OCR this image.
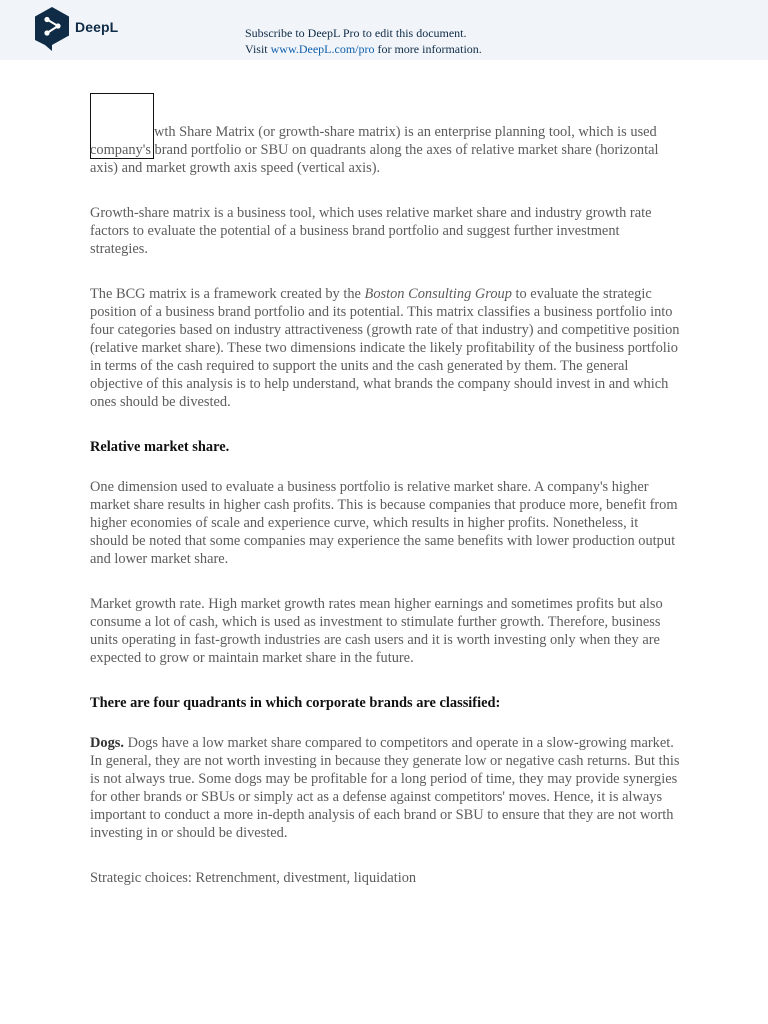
DeepL	Subscribe to DeepL Pro to edit this document.
Visit www.DeepL.com/pro for more information.

wth Share Matrix (or growth-share matrix) is an enterprise planning tool, which is used            company's brand portfolio or SBU on quadrants along the axes of relative market share (horizontal axis) and market growth axis speed (vertical axis).

Growth-share matrix is a business tool, which uses relative market share and industry growth rate factors to evaluate the potential of a business brand portfolio and suggest further investment strategies.

The BCG matrix is a framework created by the Boston Consulting Group to evaluate the strategic position of a business brand portfolio and its potential. This matrix classifies a business portfolio into four categories based on industry attractiveness (growth rate of that industry) and competitive position (relative market share). These two dimensions indicate the likely profitability of the business portfolio in terms of the cash required to support the units and the cash generated by them. The general objective of this analysis is to help understand, what brands the company should invest in and which ones should be divested.

Relative market share.

One dimension used to evaluate a business portfolio is relative market share. A company's higher market share results in higher cash profits. This is because companies that produce more, benefit from higher economies of scale and experience curve, which results in higher profits. Nonetheless, it should be noted that some companies may experience the same benefits with lower production output and lower market share.

Market growth rate. High market growth rates mean higher earnings and sometimes profits but also consume a lot of cash, which is used as investment to stimulate further growth. Therefore, business units operating in fast-growth industries are cash users and it is worth investing only when they are expected to grow or maintain market share in the future.

There are four quadrants in which corporate brands are classified:

Dogs. Dogs have a low market share compared to competitors and operate in a slow-growing market. In general, they are not worth investing in because they generate low or negative cash returns. But this is not always true. Some dogs may be profitable for a long period of time, they may provide synergies for other brands or SBUs or simply act as a defense against competitors' moves. Hence, it is always important to conduct a more in-depth analysis of each brand or SBU to ensure that they are not worth investing in or should be divested.

Strategic choices: Retrenchment, divestment, liquidation
